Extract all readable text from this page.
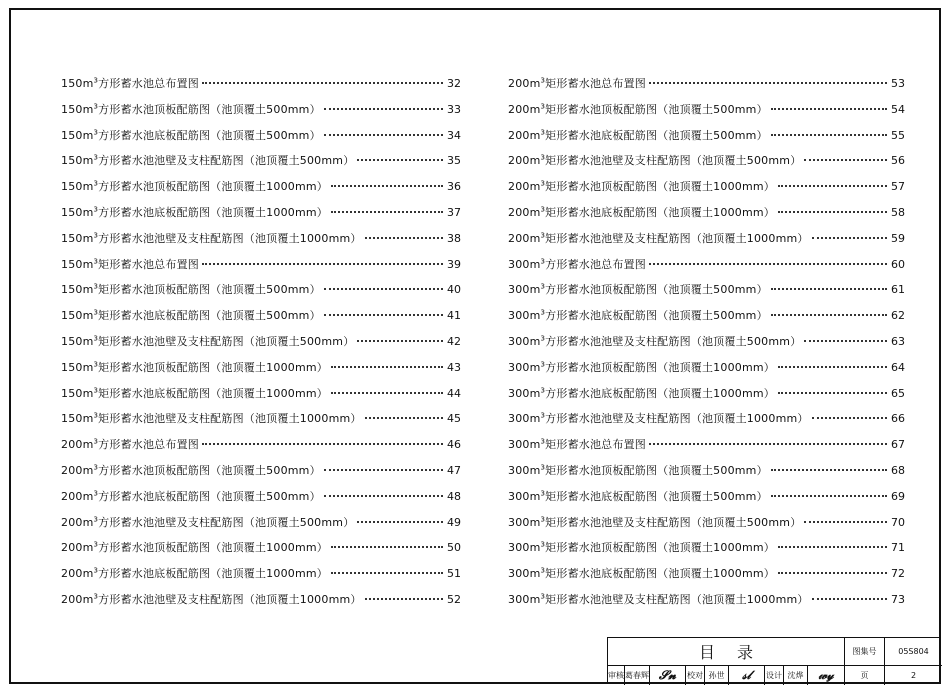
$150m^3$方形蓄水池总布置图	32
$150m^3$方形蓄水池顶板配筋图（池顶覆土500mm）	33
$150m^3$方形蓄水池底板配筋图（池顶覆土500mm）	34
$150m^3$方形蓄水池池壁及支柱配筋图（池顶覆土500mm）	35
$150m^3$方形蓄水池顶板配筋图（池顶覆土1000mm）	36
$150m^3$方形蓄水池底板配筋图（池顶覆土1000mm）	37
$150m^3$方形蓄水池池壁及支柱配筋图（池顶覆土1000mm）	38
$150m^3$矩形蓄水池总布置图	39
$150m^3$矩形蓄水池顶板配筋图（池顶覆土500mm）	40
$150m^3$矩形蓄水池底板配筋图（池顶覆土500mm）	41
$150m^3$矩形蓄水池池壁及支柱配筋图（池顶覆土500mm）	42
$150m^3$矩形蓄水池顶板配筋图（池顶覆土1000mm）	43
$150m^3$矩形蓄水池底板配筋图（池顶覆土1000mm）	44
$150m^3$矩形蓄水池池壁及支柱配筋图（池顶覆土1000mm）	45
$200m^3$方形蓄水池总布置图	46
$200m^3$方形蓄水池顶板配筋图（池顶覆土500mm）	47
$200m^3$方形蓄水池底板配筋图（池顶覆土500mm）	48
$200m^3$方形蓄水池池壁及支柱配筋图（池顶覆土500mm）	49
$200m^3$方形蓄水池顶板配筋图（池顶覆土1000mm）	50
$200m^3$方形蓄水池底板配筋图（池顶覆土1000mm）	51
$200m^3$方形蓄水池池壁及支柱配筋图（池顶覆土1000mm）	52
$200m^3$矩形蓄水池总布置图	53
$200m^3$矩形蓄水池顶板配筋图（池顶覆土500mm）	54
$200m^3$矩形蓄水池底板配筋图（池顶覆土500mm）	55
$200m^3$矩形蓄水池池壁及支柱配筋图（池顶覆土500mm）	56
$200m^3$矩形蓄水池顶板配筋图（池顶覆土1000mm）	57
$200m^3$矩形蓄水池底板配筋图（池顶覆土1000mm）	58
$200m^3$矩形蓄水池池壁及支柱配筋图（池顶覆土1000mm）	59
$300m^3$方形蓄水池总布置图	60
$300m^3$方形蓄水池顶板配筋图（池顶覆土500mm）	61
$300m^3$方形蓄水池底板配筋图（池顶覆土500mm）	62
$300m^3$方形蓄水池池壁及支柱配筋图（池顶覆土500mm）	63
$300m^3$方形蓄水池顶板配筋图（池顶覆土1000mm）	64
$300m^3$方形蓄水池底板配筋图（池顶覆土1000mm）	65
$300m^3$方形蓄水池池壁及支柱配筋图（池顶覆土1000mm）	66
$300m^3$矩形蓄水池总布置图	67
$300m^3$矩形蓄水池顶板配筋图（池顶覆土500mm）	68
$300m^3$矩形蓄水池底板配筋图（池顶覆土500mm）	69
$300m^3$矩形蓄水池池壁及支柱配筋图（池顶覆土500mm）	70
$300m^3$矩形蓄水池顶板配筋图（池顶覆土1000mm）	71
$300m^3$矩形蓄水池底板配筋图（池顶覆土1000mm）	72
$300m^3$矩形蓄水池池壁及支柱配筋图（池顶覆土1000mm）	73
目录	图集号	05S804
审核 葛春辉 𝓢𝓷 校对 孙世	𝓈𝓁 设计 沈烨	𝓌𝓎	页	2
